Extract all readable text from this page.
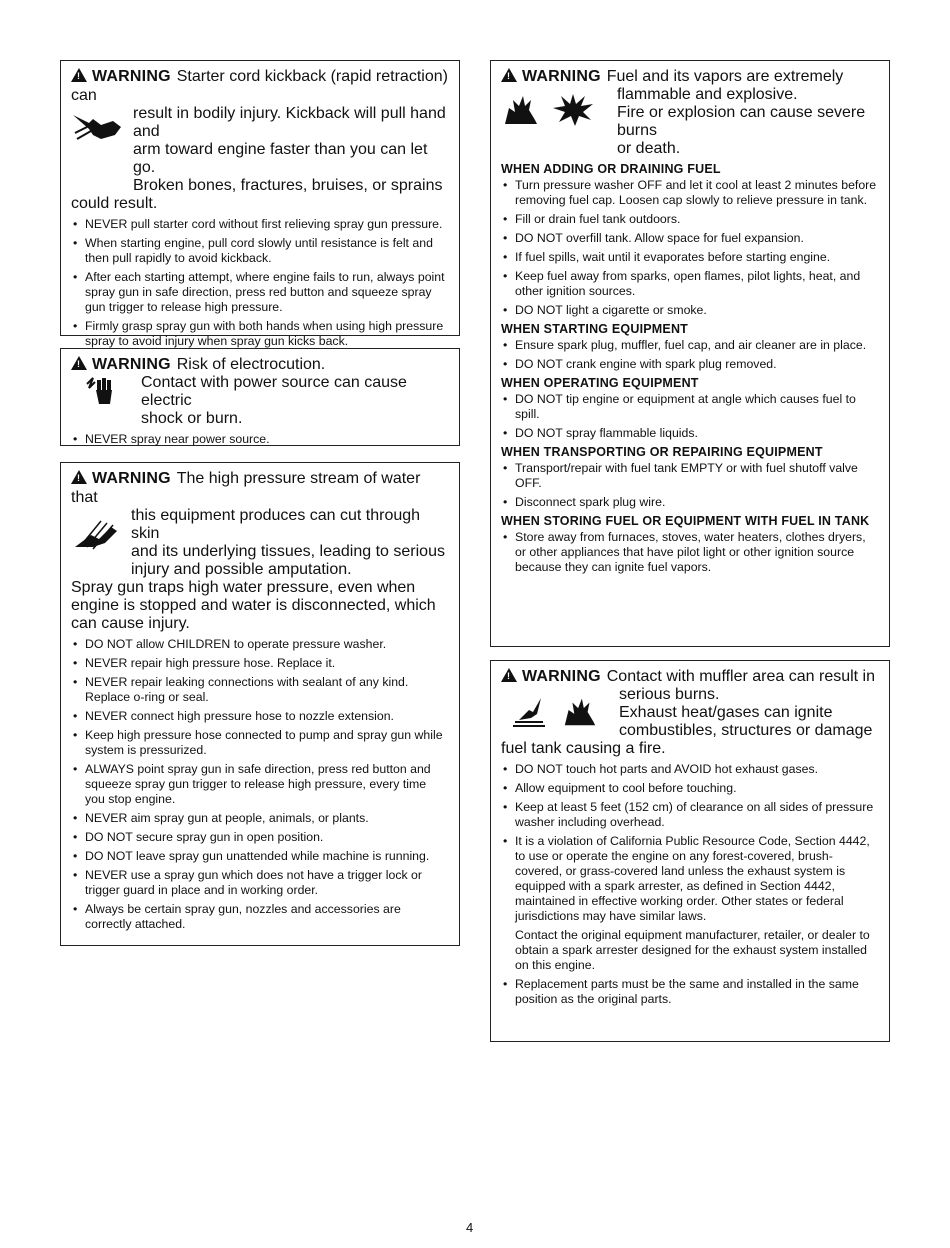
!WARNING Starter cord kickback (rapid retraction) can
result in bodily injury. Kickback will pull hand and
arm toward engine faster than you can let go.
Broken bones, fractures, bruises, or sprains
could result.
• NEVER pull starter cord without first relieving spray gun pressure.
• When starting engine, pull cord slowly until resistance is felt and then pull rapidly to avoid kickback.
• After each starting attempt, where engine fails to run, always point spray gun in safe direction, press red button and squeeze spray gun trigger to release high pressure.
• Firmly grasp spray gun with both hands when using high pressure spray to avoid injury when spray gun kicks back.
!WARNING Risk of electrocution.
Contact with power source can cause electric
shock or burn.
• NEVER spray near power source.
!WARNING The high pressure stream of water that
this equipment produces can cut through skin
and its underlying tissues, leading to serious
injury and possible amputation.
Spray gun traps high water pressure, even when engine is stopped and water is disconnected, which can cause injury.
• DO NOT allow CHILDREN to operate pressure washer.
• NEVER repair high pressure hose. Replace it.
• NEVER repair leaking connections with sealant of any kind. Replace o-ring or seal.
• NEVER connect high pressure hose to nozzle extension.
• Keep high pressure hose connected to pump and spray gun while system is pressurized.
• ALWAYS point spray gun in safe direction, press red button and squeeze spray gun trigger to release high pressure, every time you stop engine.
• NEVER aim spray gun at people, animals, or plants.
• DO NOT secure spray gun in open position.
• DO NOT leave spray gun unattended while machine is running.
• NEVER use a spray gun which does not have a trigger lock or trigger guard in place and in working order.
• Always be certain spray gun, nozzles and accessories are correctly attached.
!WARNING Fuel and its vapors are extremely
flammable and explosive.
Fire or explosion can cause severe burns
or death.
WHEN ADDING OR DRAINING FUEL
• Turn pressure washer OFF and let it cool at least 2 minutes before removing fuel cap. Loosen cap slowly to relieve pressure in tank.
• Fill or drain fuel tank outdoors.
• DO NOT overfill tank. Allow space for fuel expansion.
• If fuel spills, wait until it evaporates before starting engine.
• Keep fuel away from sparks, open flames, pilot lights, heat, and other ignition sources.
• DO NOT light a cigarette or smoke.
WHEN STARTING EQUIPMENT
• Ensure spark plug, muffler, fuel cap, and air cleaner are in place.
• DO NOT crank engine with spark plug removed.
WHEN OPERATING EQUIPMENT
• DO NOT tip engine or equipment at angle which causes fuel to spill.
• DO NOT spray flammable liquids.
WHEN TRANSPORTING OR REPAIRING EQUIPMENT
• Transport/repair with fuel tank EMPTY or with fuel shutoff valve OFF.
• Disconnect spark plug wire.
WHEN STORING FUEL OR EQUIPMENT WITH FUEL IN TANK
• Store away from furnaces, stoves, water heaters, clothes dryers, or other appliances that have pilot light or other ignition source because they can ignite fuel vapors.
!WARNING Contact with muffler area can result in
serious burns.
Exhaust heat/gases can ignite
combustibles, structures or damage
fuel tank causing a fire.
• DO NOT touch hot parts and AVOID hot exhaust gases.
• Allow equipment to cool before touching.
• Keep at least 5 feet (152 cm) of clearance on all sides of pressure washer including overhead.
• It is a violation of California Public Resource Code, Section 4442, to use or operate the engine on any forest-covered, brush-covered, or grass-covered land unless the exhaust system is equipped with a spark arrester, as defined in Section 4442, maintained in effective working order. Other states or federal jurisdictions may have similar laws.
Contact the original equipment manufacturer, retailer, or dealer to obtain a spark arrester designed for the exhaust system installed on this engine.
• Replacement parts must be the same and installed in the same position as the original parts.
4
